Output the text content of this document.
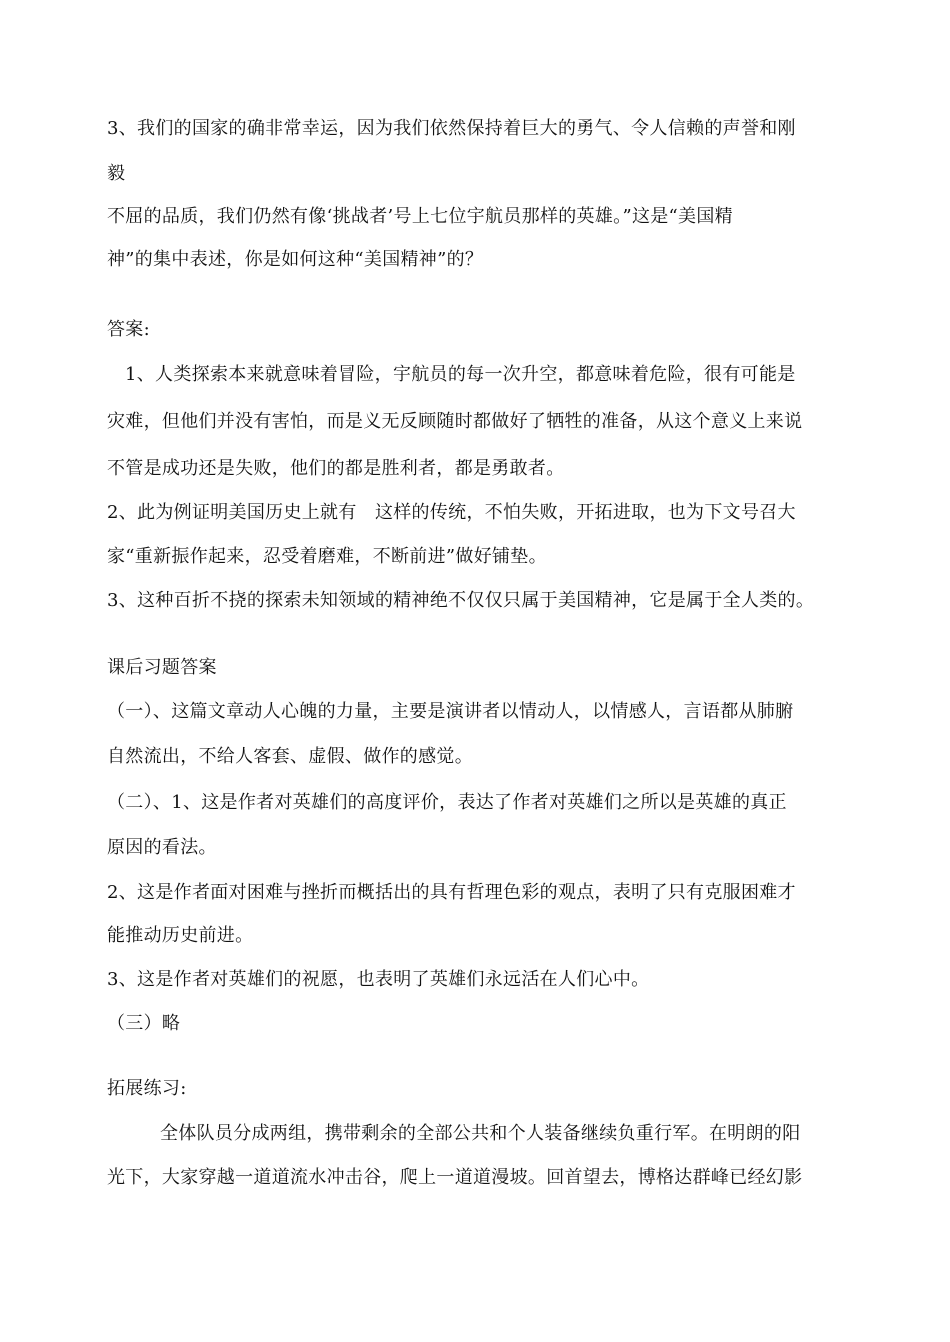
3、我们的国家的确非常幸运，因为我们依然保持着巨大的勇气、令人信赖的声誉和刚

毅

不屈的品质，我们仍然有像‘挑战者’号上七位宇航员那样的英雄。”这是“美国精

神”的集中表述，你是如何这种“美国精神”的？

答案:

1、人类探索本来就意味着冒险，宇航员的每一次升空，都意味着危险，很有可能是

灾难，但他们并没有害怕，而是义无反顾随时都做好了牺牲的准备，从这个意义上来说

不管是成功还是失败，他们的都是胜利者，都是勇敢者。

2、此为例证明美国历史上就有　这样的传统，不怕失败，开拓进取，也为下文号召大

家“重新振作起来，忍受着磨难，不断前进”做好铺垫。

3、这种百折不挠的探索未知领域的精神绝不仅仅只属于美国精神，它是属于全人类的。

课后习题答案

（一）、这篇文章动人心魄的力量，主要是演讲者以情动人，以情感人，言语都从肺腑

自然流出，不给人客套、虚假、做作的感觉。

（二）、1、这是作者对英雄们的高度评价，表达了作者对英雄们之所以是英雄的真正

原因的看法。

2、这是作者面对困难与挫折而概括出的具有哲理色彩的观点，表明了只有克服困难才

能推动历史前进。

3、这是作者对英雄们的祝愿，也表明了英雄们永远活在人们心中。

（三）略

拓展练习:

全体队员分成两组，携带剩余的全部公共和个人装备继续负重行军。在明朗的阳

光下，大家穿越一道道流水冲击谷，爬上一道道漫坡。回首望去，博格达群峰已经幻影
